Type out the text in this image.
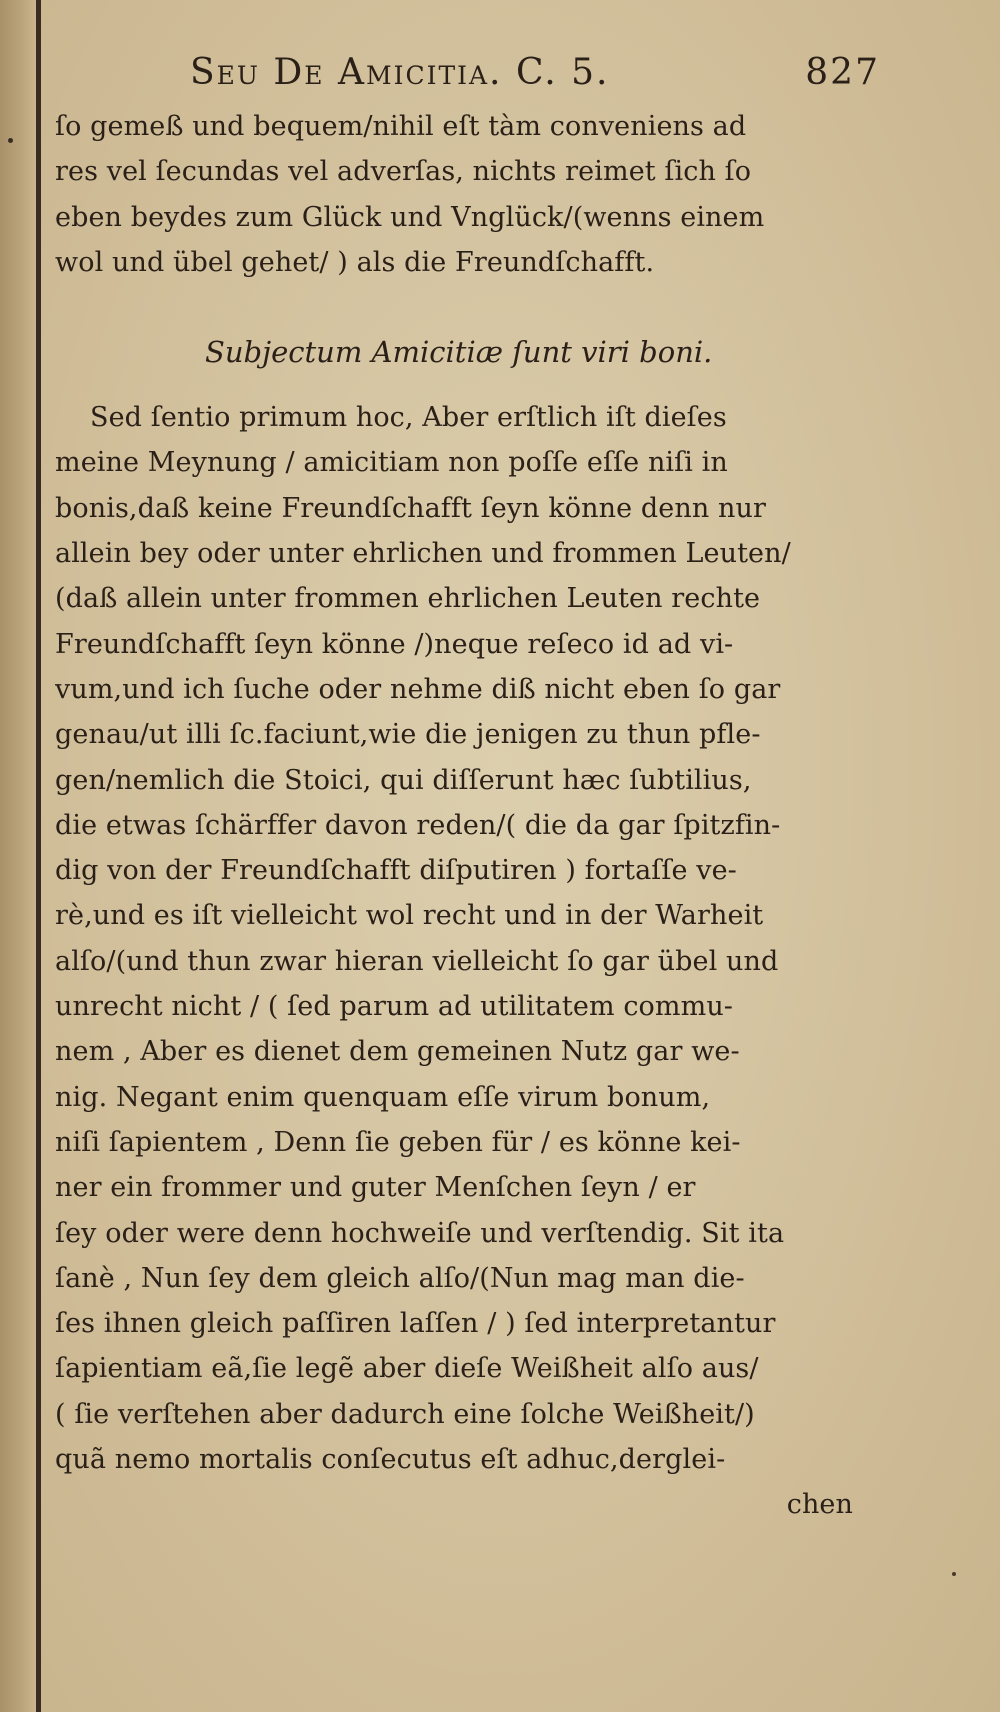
Seu De Amicitia. C. 5.	827
ſo gemeß und bequem/nihil eſt tàm conveniens ad
res vel ſecundas vel adverſas, nichts reimet ſich ſo
eben beydes zum Glück und Vnglück/(wenns einem
wol und übel gehet/ ) als die Freundſchafft.
Subjectum Amicitiæ ſunt viri boni.
Sed ſentio primum hoc, Aber erſtlich iſt dieſes
meine Meynung / amicitiam non poſſe eſſe niſi in
bonis,daß keine Freundſchafft ſeyn könne denn nur
allein bey oder unter ehrlichen und frommen Leuten/
(daß allein unter frommen ehrlichen Leuten rechte
Freundſchafft ſeyn könne /)neque reſeco id ad vi-
vum,und ich ſuche oder nehme diß nicht eben ſo gar
genau/ut illi ſc.faciunt,wie die jenigen zu thun pfle-
gen/nemlich die Stoici, qui diſſerunt hæc ſubtilius,
die etwas ſchärffer davon reden/( die da gar ſpitzfin-
dig von der Freundſchafft diſputiren ) fortaſſe ve-
rè,und es iſt vielleicht wol recht und in der Warheit
alſo/(und thun zwar hieran vielleicht ſo gar übel und
unrecht nicht / ( ſed parum ad utilitatem commu-
nem , Aber es dienet dem gemeinen Nutz gar we-
nig. Negant enim quenquam eſſe virum bonum,
niſi ſapientem , Denn ſie geben für / es könne kei-
ner ein frommer und guter Menſchen ſeyn / er
ſey oder were denn hochweiſe und verſtendig. Sit ita
ſanè , Nun ſey dem gleich alſo/(Nun mag man die-
ſes ihnen gleich paſſiren laſſen / ) ſed interpretantur
ſapientiam eã,ſie legẽ aber dieſe Weißheit alſo aus/
( ſie verſtehen aber dadurch eine ſolche Weißheit/)
quã nemo mortalis conſecutus eſt adhuc,derglei-
chen
